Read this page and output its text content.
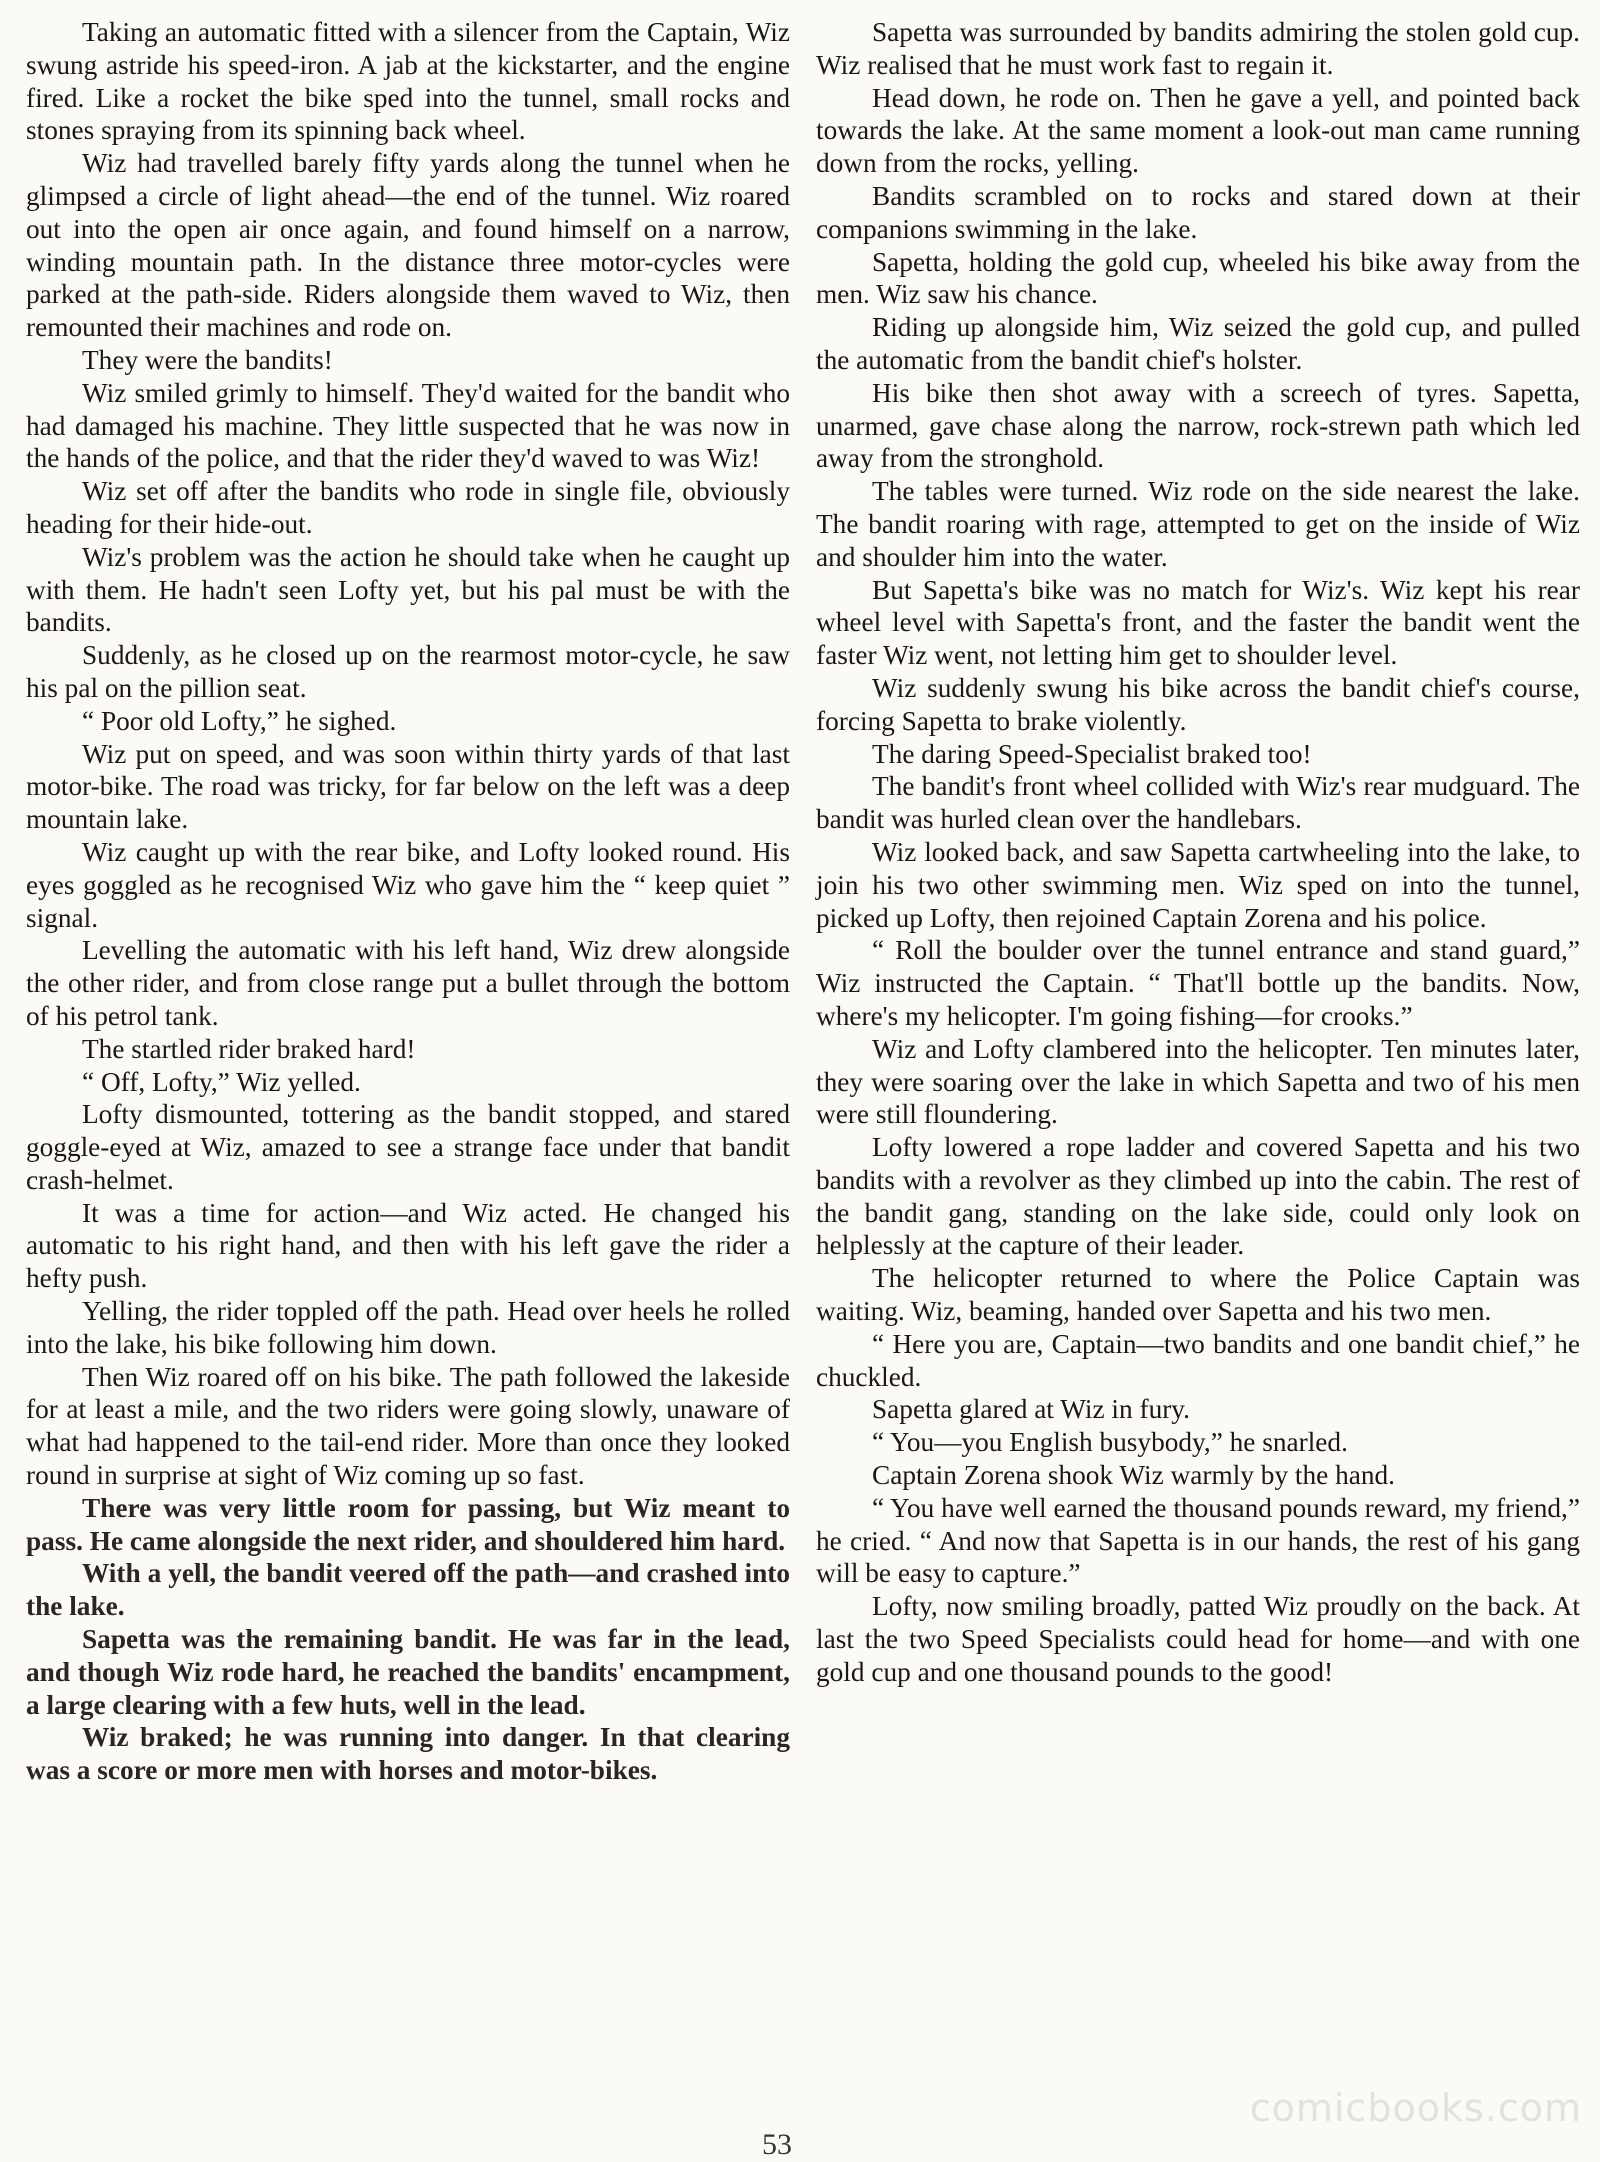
Taking an automatic fitted with a silencer from the Captain, Wiz swung astride his speed-iron. A jab at the kickstarter, and the engine fired. Like a rocket the bike sped into the tunnel, small rocks and stones spraying from its spinning back wheel.

Wiz had travelled barely fifty yards along the tunnel when he glimpsed a circle of light ahead—the end of the tunnel. Wiz roared out into the open air once again, and found himself on a narrow, winding mountain path. In the distance three motor-cycles were parked at the path-side. Riders alongside them waved to Wiz, then remounted their machines and rode on.

They were the bandits!

Wiz smiled grimly to himself. They'd waited for the bandit who had damaged his machine. They little suspected that he was now in the hands of the police, and that the rider they'd waved to was Wiz!

Wiz set off after the bandits who rode in single file, obviously heading for their hide-out.

Wiz's problem was the action he should take when he caught up with them. He hadn't seen Lofty yet, but his pal must be with the bandits.

Suddenly, as he closed up on the rearmost motor-cycle, he saw his pal on the pillion seat.

“ Poor old Lofty,” he sighed.

Wiz put on speed, and was soon within thirty yards of that last motor-bike. The road was tricky, for far below on the left was a deep mountain lake.

Wiz caught up with the rear bike, and Lofty looked round. His eyes goggled as he recognised Wiz who gave him the “ keep quiet ” signal.

Levelling the automatic with his left hand, Wiz drew alongside the other rider, and from close range put a bullet through the bottom of his petrol tank.

The startled rider braked hard!

“ Off, Lofty,” Wiz yelled.

Lofty dismounted, tottering as the bandit stopped, and stared goggle-eyed at Wiz, amazed to see a strange face under that bandit crash-helmet.

It was a time for action—and Wiz acted. He changed his automatic to his right hand, and then with his left gave the rider a hefty push.

Yelling, the rider toppled off the path. Head over heels he rolled into the lake, his bike following him down.

Then Wiz roared off on his bike. The path followed the lakeside for at least a mile, and the two riders were going slowly, unaware of what had happened to the tail-end rider. More than once they looked round in surprise at sight of Wiz coming up so fast.

There was very little room for passing, but Wiz meant to pass. He came alongside the next rider, and shouldered him hard.

With a yell, the bandit veered off the path—and crashed into the lake.

Sapetta was the remaining bandit. He was far in the lead, and though Wiz rode hard, he reached the bandits' encampment, a large clearing with a few huts, well in the lead.

Wiz braked; he was running into danger. In that clearing was a score or more men with horses and motor-bikes.

Sapetta was surrounded by bandits admiring the stolen gold cup. Wiz realised that he must work fast to regain it.

Head down, he rode on. Then he gave a yell, and pointed back towards the lake. At the same moment a look-out man came running down from the rocks, yelling.

Bandits scrambled on to rocks and stared down at their companions swimming in the lake.

Sapetta, holding the gold cup, wheeled his bike away from the men. Wiz saw his chance.

Riding up alongside him, Wiz seized the gold cup, and pulled the automatic from the bandit chief's holster.

His bike then shot away with a screech of tyres. Sapetta, unarmed, gave chase along the narrow, rock-strewn path which led away from the stronghold.

The tables were turned. Wiz rode on the side nearest the lake. The bandit roaring with rage, attempted to get on the inside of Wiz and shoulder him into the water.

But Sapetta's bike was no match for Wiz's. Wiz kept his rear wheel level with Sapetta's front, and the faster the bandit went the faster Wiz went, not letting him get to shoulder level.

Wiz suddenly swung his bike across the bandit chief's course, forcing Sapetta to brake violently.

The daring Speed-Specialist braked too!

The bandit's front wheel collided with Wiz's rear mudguard. The bandit was hurled clean over the handlebars.

Wiz looked back, and saw Sapetta cartwheeling into the lake, to join his two other swimming men. Wiz sped on into the tunnel, picked up Lofty, then rejoined Captain Zorena and his police.

“ Roll the boulder over the tunnel entrance and stand guard,” Wiz instructed the Captain. “ That'll bottle up the bandits. Now, where's my helicopter. I'm going fishing—for crooks.”

Wiz and Lofty clambered into the helicopter. Ten minutes later, they were soaring over the lake in which Sapetta and two of his men were still floundering.

Lofty lowered a rope ladder and covered Sapetta and his two bandits with a revolver as they climbed up into the cabin. The rest of the bandit gang, standing on the lake side, could only look on helplessly at the capture of their leader.

The helicopter returned to where the Police Captain was waiting. Wiz, beaming, handed over Sapetta and his two men.

“ Here you are, Captain—two bandits and one bandit chief,” he chuckled.

Sapetta glared at Wiz in fury.

“ You—you English busybody,” he snarled.

Captain Zorena shook Wiz warmly by the hand.

“ You have well earned the thousand pounds reward, my friend,” he cried. “ And now that Sapetta is in our hands, the rest of his gang will be easy to capture.”

Lofty, now smiling broadly, patted Wiz proudly on the back. At last the two Speed Specialists could head for home—and with one gold cup and one thousand pounds to the good!

comicbooks.com
53
